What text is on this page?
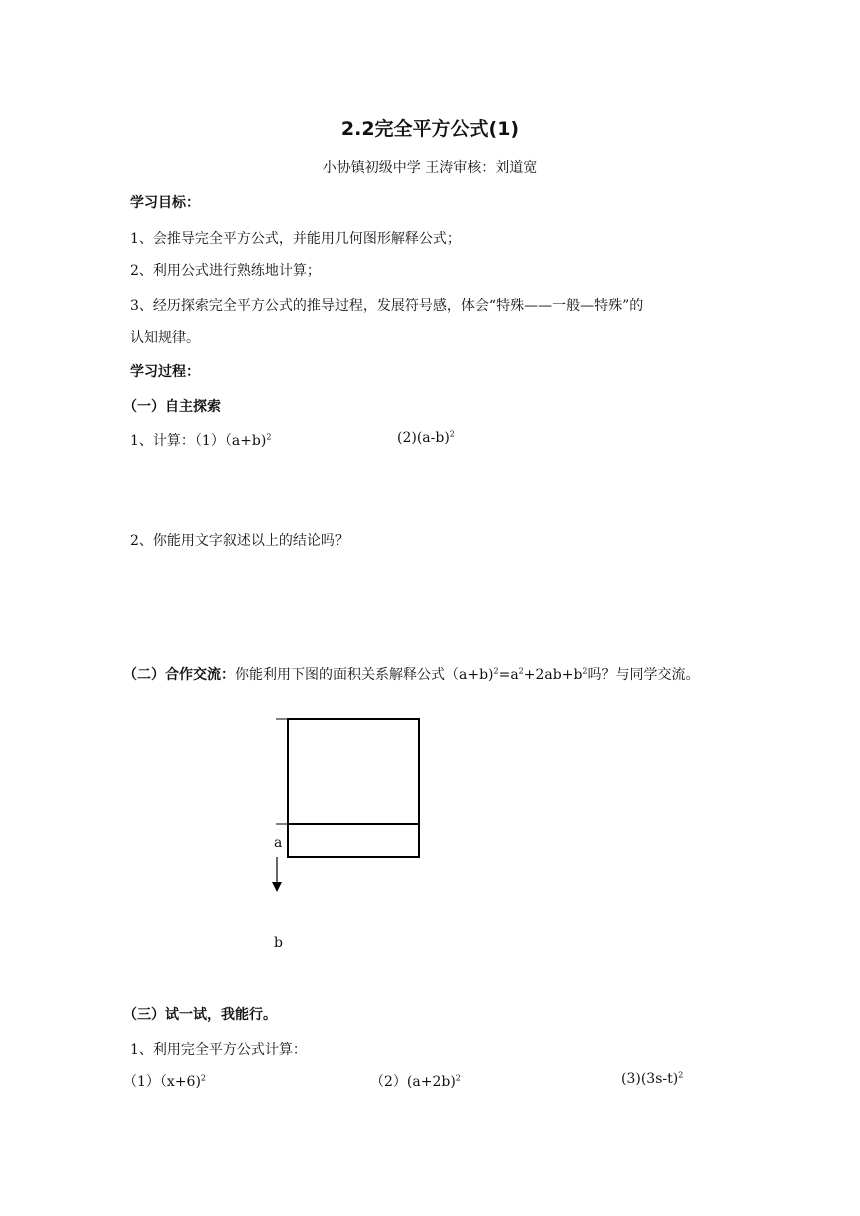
2.2完全平方公式(1)
小协镇初级中学 王涛审核：刘道宽
学习目标：
1、会推导完全平方公式，并能用几何图形解释公式；
2、利用公式进行熟练地计算；
3、经历探索完全平方公式的推导过程，发展符号感，体会“特殊——一般—特殊”的
认知规律。
学习过程：
（一）自主探索
1、计算：（1）（a+b)$^2$	$(2)(a-b)^2$
2、你能用文字叙述以上的结论吗？
（二）合作交流：你能利用下图的面积关系解释公式$(a+b)^2=a^2+2ab+b^2$吗？与同学交流。
a
b
（三）试一试，我能行。
1、利用完全平方公式计算：
（1）（x+6)$^2$	$(2)(a+2b)^2$	$(3)(3s-t)^2$
